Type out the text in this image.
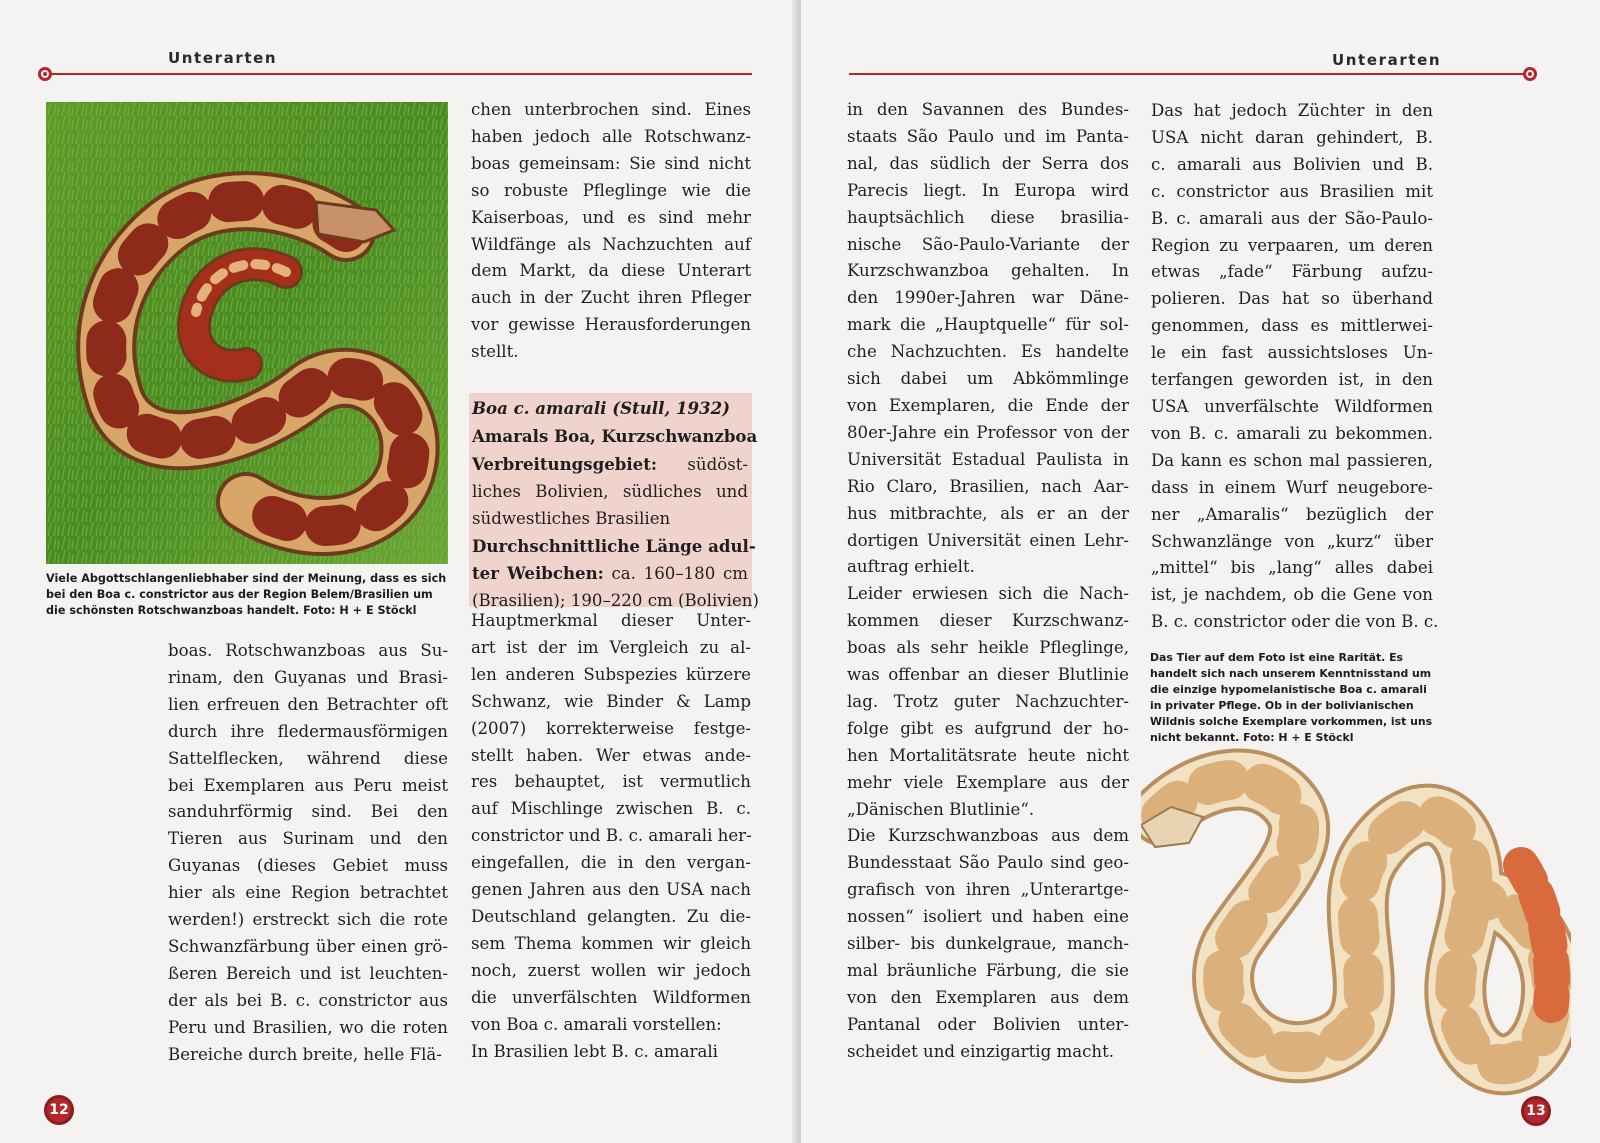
Unterarten
Viele Abgottschlangenliebhaber sind der Meinung, dass es sich bei den Boa c. constrictor aus der Region Belem/Brasilien um die schönsten Rotschwanzboas handelt. Foto: H + E Stöckl
boas. Rotschwanzboas aus Su-
rinam, den Guyanas und Brasi-
lien erfreuen den Betrachter oft
durch ihre fledermausförmigen
Sattelflecken, während diese
bei Exemplaren aus Peru meist
sanduhrförmig sind. Bei den
Tieren aus Surinam und den
Guyanas (dieses Gebiet muss
hier als eine Region betrachtet
werden!) erstreckt sich die rote
Schwanzfärbung über einen grö-
ßeren Bereich und ist leuchten-
der als bei B. c. constrictor aus
Peru und Brasilien, wo die roten
Bereiche durch breite, helle Flä-
chen unterbrochen sind. Eines
haben jedoch alle Rotschwanz-
boas gemeinsam: Sie sind nicht
so robuste Pfleglinge wie die
Kaiserboas, und es sind mehr
Wildfänge als Nachzuchten auf
dem Markt, da diese Unterart
auch in der Zucht ihren Pfleger
vor gewisse Herausforderungen
stellt.
Boa c. amarali (Stull, 1932)
Amarals Boa, Kurzschwanzboa
Verbreitungsgebiet: südöst-
liches Bolivien, südliches und
südwestliches Brasilien
Durchschnittliche Länge adul-
ter Weibchen: ca. 160–180 cm
(Brasilien); 190–220 cm (Bolivien)
Hauptmerkmal dieser Unter-
art ist der im Vergleich zu al-
len anderen Subspezies kürzere
Schwanz, wie Binder & Lamp
(2007) korrekterweise festge-
stellt haben. Wer etwas ande-
res behauptet, ist vermutlich
auf Mischlinge zwischen B. c.
constrictor und B. c. amarali her-
eingefallen, die in den vergan-
genen Jahren aus den USA nach
Deutschland gelangten. Zu die-
sem Thema kommen wir gleich
noch, zuerst wollen wir jedoch
die unverfälschten Wildformen
von Boa c. amarali vorstellen:
In Brasilien lebt B. c. amarali
12
Unterarten
in den Savannen des Bundes-
staats São Paulo und im Panta-
nal, das südlich der Serra dos
Parecis liegt. In Europa wird
hauptsächlich diese brasilia-
nische São-Paulo-Variante der
Kurzschwanzboa gehalten. In
den 1990er-Jahren war Däne-
mark die „Hauptquelle“ für sol-
che Nachzuchten. Es handelte
sich dabei um Abkömmlinge
von Exemplaren, die Ende der
80er-Jahre ein Professor von der
Universität Estadual Paulista in
Rio Claro, Brasilien, nach Aar-
hus mitbrachte, als er an der
dortigen Universität einen Lehr-
auftrag erhielt.
Leider erwiesen sich die Nach-
kommen dieser Kurzschwanz-
boas als sehr heikle Pfleglinge,
was offenbar an dieser Blutlinie
lag. Trotz guter Nachzuchter-
folge gibt es aufgrund der ho-
hen Mortalitätsrate heute nicht
mehr viele Exemplare aus der
„Dänischen Blutlinie“.
Die Kurzschwanzboas aus dem
Bundesstaat São Paulo sind geo-
grafisch von ihren „Unterartge-
nossen“ isoliert und haben eine
silber- bis dunkelgraue, manch-
mal bräunliche Färbung, die sie
von den Exemplaren aus dem
Pantanal oder Bolivien unter-
scheidet und einzigartig macht.
Das hat jedoch Züchter in den
USA nicht daran gehindert, B.
c. amarali aus Bolivien und B.
c. constrictor aus Brasilien mit
B. c. amarali aus der São-Paulo-
Region zu verpaaren, um deren
etwas „fade“ Färbung aufzu-
polieren. Das hat so überhand
genommen, dass es mittlerwei-
le ein fast aussichtsloses Un-
terfangen geworden ist, in den
USA unverfälschte Wildformen
von B. c. amarali zu bekommen.
Da kann es schon mal passieren,
dass in einem Wurf neugebore-
ner „Amaralis“ bezüglich der
Schwanzlänge von „kurz“ über
„mittel“ bis „lang“ alles dabei
ist, je nachdem, ob die Gene von
B. c. constrictor oder die von B. c.
Das Tier auf dem Foto ist eine Rarität. Es handelt sich nach unserem Kenntnisstand um die einzige hypomelanistische Boa c. amarali in privater Pflege. Ob in der bolivianischen Wildnis solche Exemplare vorkommen, ist uns nicht bekannt. Foto: H + E Stöckl
13
